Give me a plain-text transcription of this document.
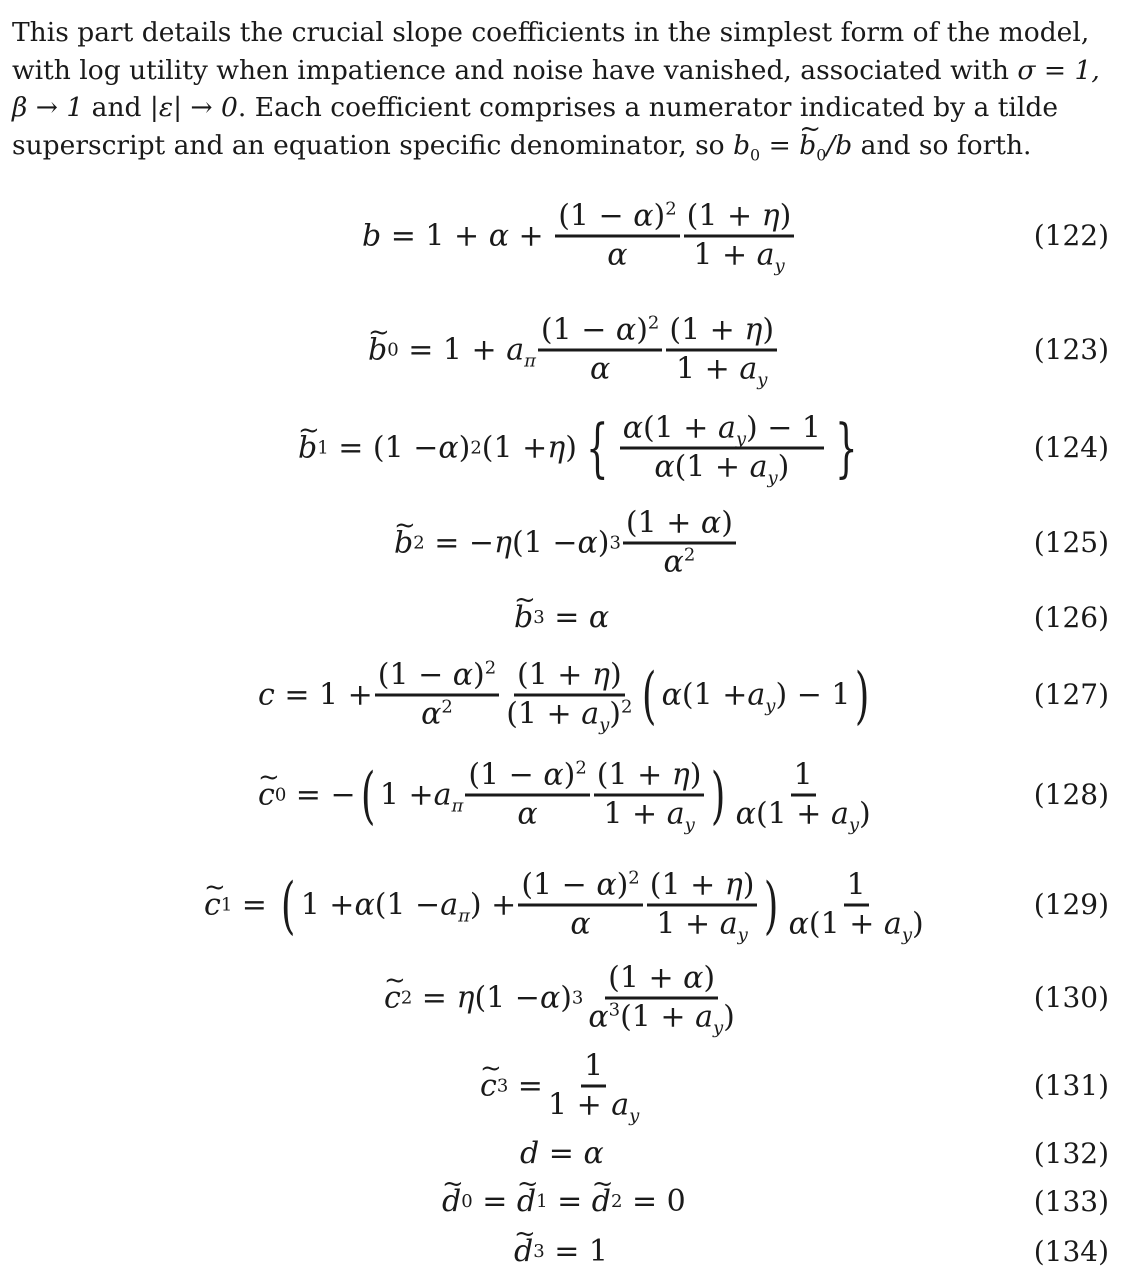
This part details the crucial slope coefficients in the simplest form of the model,
with log utility when impatience and noise have vanished, associated with σ = 1,
β → 1 and |ε| → 0. Each coefficient comprises a numerator indicated by a tilde
superscript and an equation specific denominator, so $b_0$ = ~ $b_0/b$ and so forth.
$b = 1 + \alpha + \frac{(1 - \alpha)^2}{\alpha} \frac{(1 + \eta)}{1 + a_y}$	(122)
~ b $0 = 1 + a_\pi \frac{(1 - \alpha)^2}{\alpha} \frac{(1 + \eta)}{1 + a_y}$	(123)
~ b 1 = (1 − α ) 2 (1 + η ) { $\frac{\alpha(1 + a_y) - 1}{\alpha(1 + a_y)}$ }	(124)
~ b 2 = − η (1 − α ) $3 \frac{(1 + \alpha)}{\alpha^2}$	(125)
~ b 3 = α	(126)
$c = 1 + \frac{(1 - \alpha)^2}{\alpha^2} \frac{(1 + \eta)}{(1 + a_y)^2}$ ( α ($1 + a_y$ ) − 1 )	(127)
~ c 0 = − ( $1 + a_\pi \frac{(1 - \alpha)^2}{\alpha} \frac{(1 + \eta)}{1 + a_y}$ ) $\frac{1}{\alpha(1 + a_y)}$	(128)
~ c 1 = ( 1 + α ($1 - a_\pi$ ) + $\frac{(1 - \alpha)^2}{\alpha} \frac{(1 + \eta)}{1 + a_y}$ ) $\frac{1}{\alpha(1 + a_y)}$	(129)
~ c 2 = η (1 − α ) $3 \frac{(1 + \alpha)}{\alpha^3(1 + a_y)}$	(130)
~ c $3 = \frac{1}{1 + a_y}$	(131)
d = α	(132)
~ d 0 = ~ d 1 = ~ d 2 = 0	(133)
~ d 3 = 1	(134)
